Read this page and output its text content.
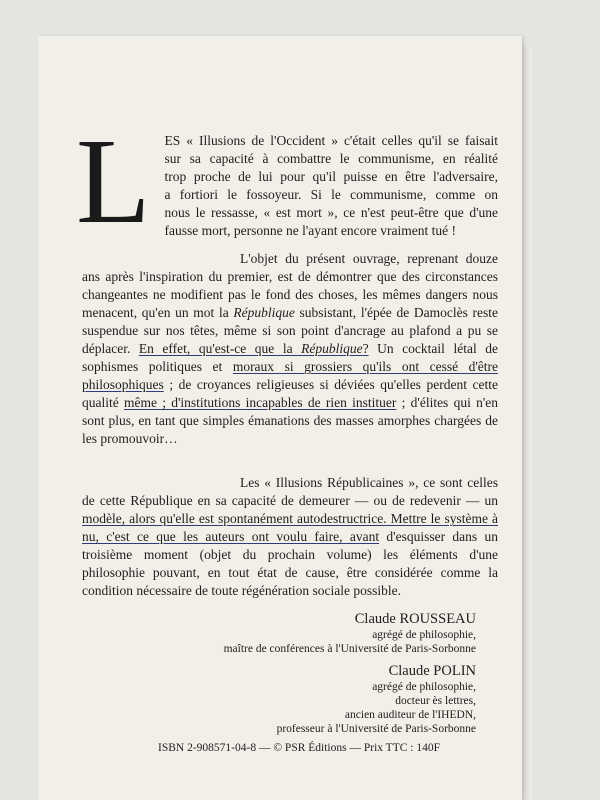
L	ES « Illusions de l'Occident » c'était celles qu'il se faisait
sur sa capacité à combattre le communisme, en réalité
trop proche de lui pour qu'il puisse en être l'adversaire,
a fortiori le fossoyeur. Si le communisme, comme on
nous le ressasse, « est mort », ce n'est peut-être que d'une
fausse mort, personne ne l'ayant encore vraiment tué !

L'objet du présent ouvrage, reprenant douze ans après l'inspiration du premier, est de démontrer que des circonstances changeantes ne modifient pas le fond des choses, les mêmes dangers nous menacent, qu'en un mot la République subsistant, l'épée de Damoclès reste suspendue sur nos têtes, même si son point d'ancrage au plafond a pu se déplacer. En effet, qu'est-ce que la République? Un cocktail létal de sophismes politiques et moraux si grossiers qu'ils ont cessé d'être philosophiques ; de croyances religieuses si déviées qu'elles perdent cette qualité même ; d'institutions incapables de rien instituer ; d'élites qui n'en sont plus, en tant que simples émanations des masses amorphes chargées de les promouvoir…

Les « Illusions Républicaines », ce sont celles de cette République en sa capacité de demeurer — ou de redevenir — un modèle, alors qu'elle est spontanément autodestructrice. Mettre le système à nu, c'est ce que les auteurs ont voulu faire, avant d'esquisser dans un troisième moment (objet du prochain volume) les éléments d'une philosophie pouvant, en tout état de cause, être considérée comme la condition nécessaire de toute régénération sociale possible.

Claude ROUSSEAU
agrégé de philosophie,
maître de conférences à l'Université de Paris-Sorbonne
Claude POLIN
agrégé de philosophie,
docteur ès lettres,
ancien auditeur de l'IHEDN,
professeur à l'Université de Paris-Sorbonne
ISBN 2-908571-04-8 — © PSR Éditions — Prix TTC : 140F
